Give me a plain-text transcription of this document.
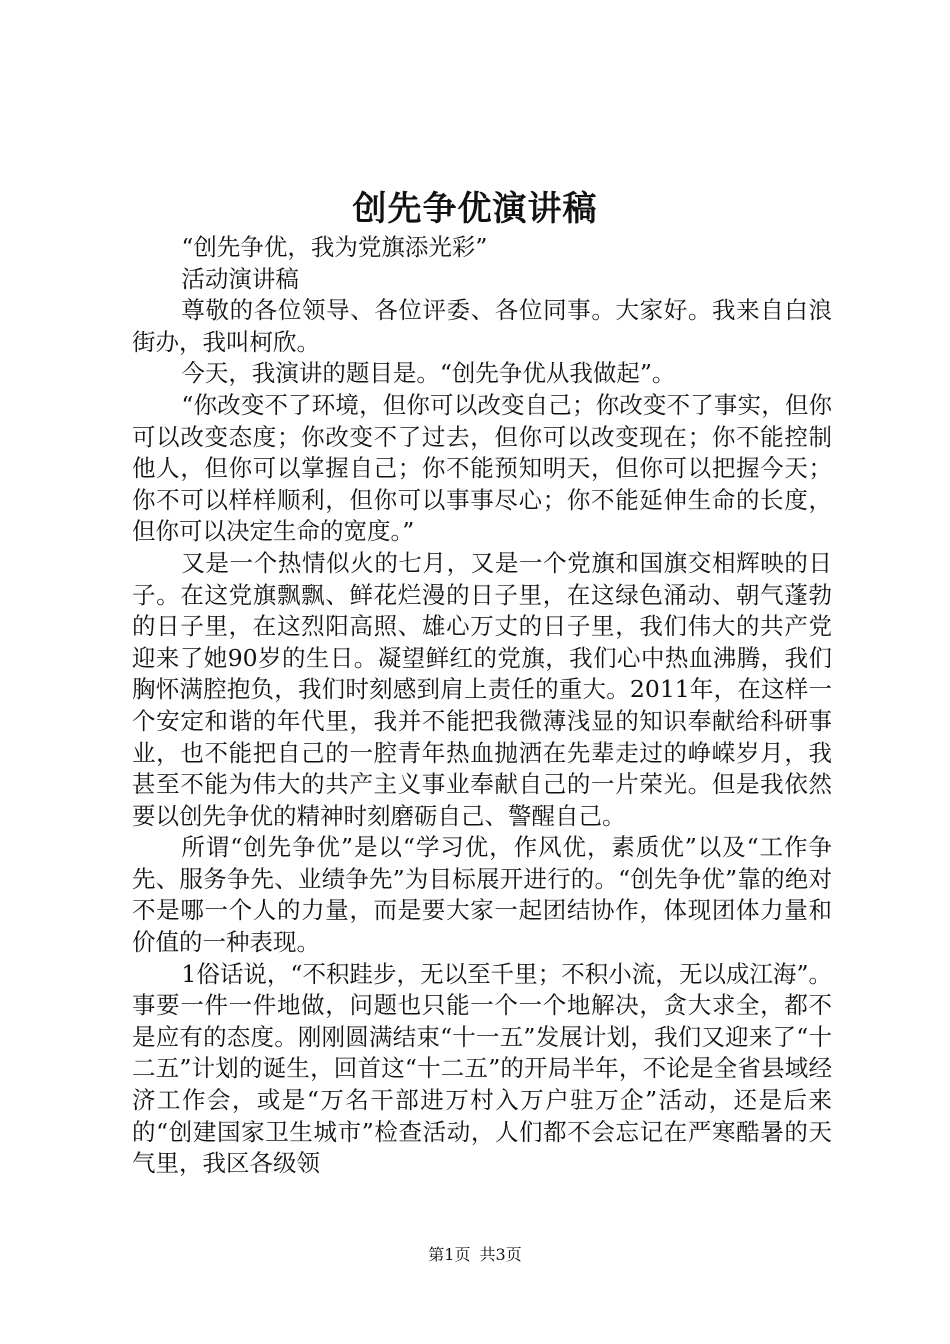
创先争优演讲稿

“创先争优，我为党旗添光彩”

活动演讲稿

尊敬的各位领导、各位评委、各位同事。大家好。我来自白浪街办，我叫柯欣。

今天，我演讲的题目是。“创先争优从我做起”。

“你改变不了环境，但你可以改变自己；你改变不了事实，但你可以改变态度；你改变不了过去，但你可以改变现在；你不能控制他人，但你可以掌握自己；你不能预知明天，但你可以把握今天；你不可以样样顺利，但你可以事事尽心；你不能延伸生命的长度，但你可以决定生命的宽度。”

又是一个热情似火的七月，又是一个党旗和国旗交相辉映的日子。在这党旗飘飘、鲜花烂漫的日子里，在这绿色涌动、朝气蓬勃的日子里，在这烈阳高照、雄心万丈的日子里，我们伟大的共产党迎来了她90岁的生日。凝望鲜红的党旗，我们心中热血沸腾，我们胸怀满腔抱负，我们时刻感到肩上责任的重大。2011年，在这样一个安定和谐的年代里，我并不能把我微薄浅显的知识奉献给科研事业，也不能把自己的一腔青年热血抛洒在先辈走过的峥嵘岁月，我甚至不能为伟大的共产主义事业奉献自己的一片荣光。但是我依然要以创先争优的精神时刻磨砺自己、警醒自己。

所谓“创先争优”是以“学习优，作风优，素质优”以及“工作争先、服务争先、业绩争先”为目标展开进行的。“创先争优”靠的绝对不是哪一个人的力量，而是要大家一起团结协作，体现团体力量和价值的一种表现。

1俗话说，“不积跬步，无以至千里；不积小流，无以成江海”。事要一件一件地做，问题也只能一个一个地解决，贪大求全，都不是应有的态度。刚刚圆满结束“十一五”发展计划，我们又迎来了“十二五”计划的诞生，回首这“十二五”的开局半年，不论是全省县域经济工作会，或是“万名干部进万村入万户驻万企”活动，还是后来的“创建国家卫生城市”检查活动，人们都不会忘记在严寒酷暑的天气里，我区各级领

第1页 共3页
